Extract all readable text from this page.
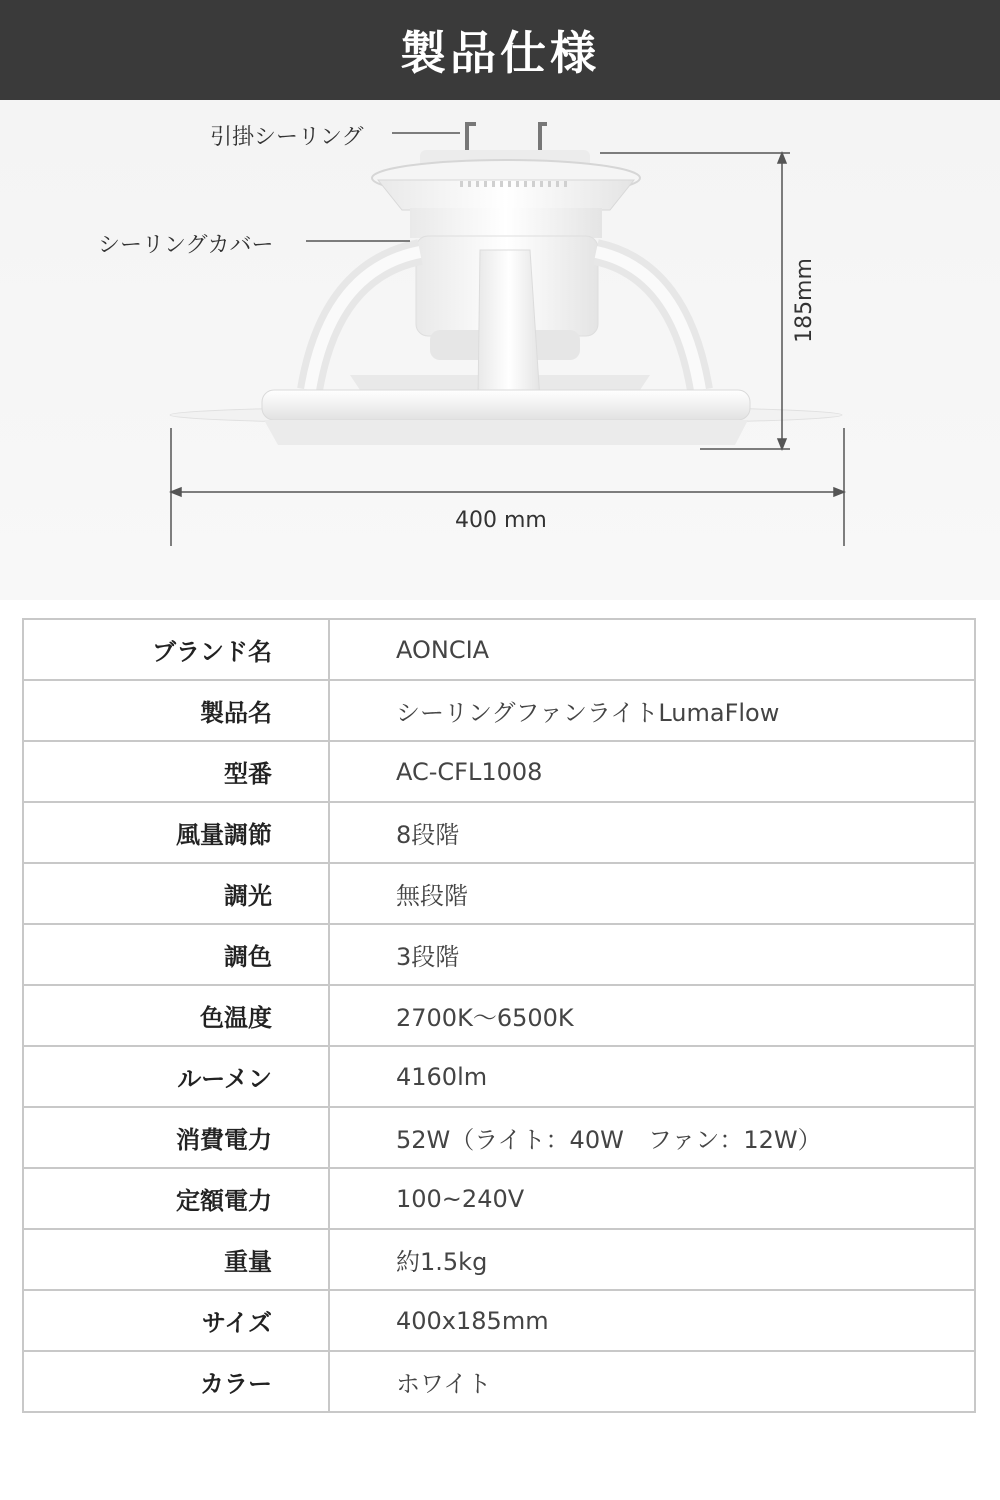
製品仕様
引掛シーリング
シーリングカバー
185mm
400 mm
ブランド名	AONCIA
製品名	シーリングファンライトLumaFlow
型番	AC-CFL1008
風量調節	8段階
調光	無段階
調色	3段階
色温度	2700K〜6500K
ルーメン	4160lm
消費電力	52W（ライト：40W　ファン：12W）
定額電力	100~240V
重量	約1.5kg
サイズ	400x185mm
カラー	ホワイト
